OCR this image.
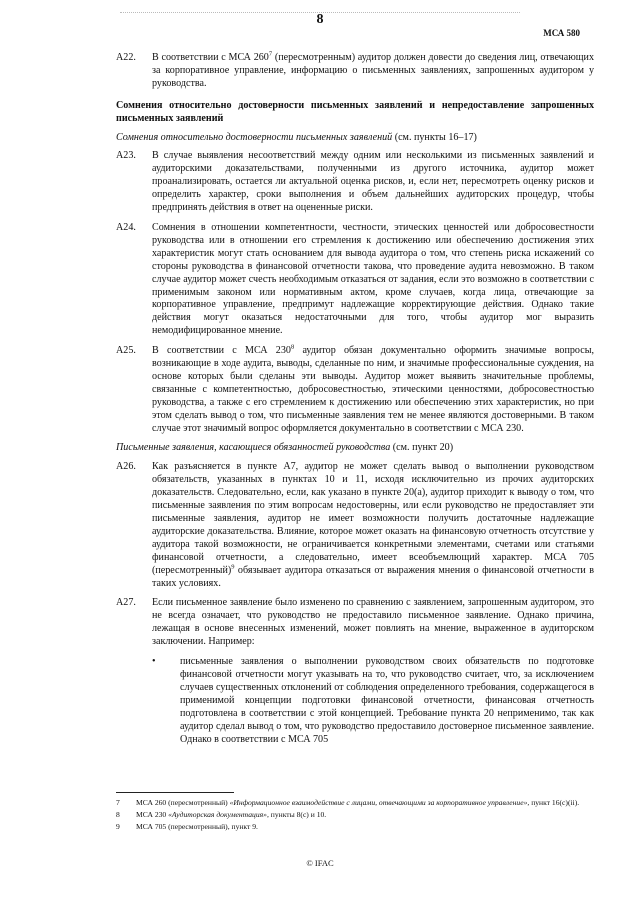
8
МСА 580
A22. В соответствии с МСА $260^7$ (пересмотренным) аудитор должен довести до сведения лиц, отвечающих за корпоративное управление, информацию о письменных заявлениях, запрошенных аудитором у руководства.
Сомнения относительно достоверности письменных заявлений и непредоставление запрошенных письменных заявлений
Сомнения относительно достоверности письменных заявлений (см. пункты 16–17)
A23. В случае выявления несоответствий между одним или несколькими из письменных заявлений и аудиторскими доказательствами, полученными из другого источника, аудитор может проанализировать, остается ли актуальной оценка рисков, и, если нет, пересмотреть оценку рисков и определить характер, сроки выполнения и объем дальнейших аудиторских процедур, чтобы предпринять действия в ответ на оцененные риски.
A24. Сомнения в отношении компетентности, честности, этических ценностей или добросовестности руководства или в отношении его стремления к достижению или обеспечению достижения этих характеристик могут стать основанием для вывода аудитора о том, что степень риска искажений со стороны руководства в финансовой отчетности такова, что проведение аудита невозможно. В таком случае аудитор может счесть необходимым отказаться от задания, если это возможно в соответствии с применимым законом или нормативным актом, кроме случаев, когда лица, отвечающие за корпоративное управление, предпримут надлежащие корректирующие действия. Однако такие действия могут оказаться недостаточными для того, чтобы аудитор мог выразить немодифицированное мнение.
A25. В соответствии с МСА $230^8$ аудитор обязан документально оформить значимые вопросы, возникающие в ходе аудита, выводы, сделанные по ним, и значимые профессиональные суждения, на основе которых были сделаны эти выводы. Аудитор может выявить значительные проблемы, связанные с компетентностью, добросовестностью, этическими ценностями, добросовестностью руководства, а также с его стремлением к достижению или обеспечению этих характеристик, но при этом сделать вывод о том, что письменные заявления тем не менее являются достоверными. В таком случае этот значимый вопрос оформляется документально в соответствии с МСА 230.
Письменные заявления, касающиеся обязанностей руководства (см. пункт 20)
A26. Как разъясняется в пункте A7, аудитор не может сделать вывод о выполнении руководством обязательств, указанных в пунктах 10 и 11, исходя исключительно из прочих аудиторских доказательств. Следовательно, если, как указано в пункте 20(a), аудитор приходит к выводу о том, что письменные заявления по этим вопросам недостоверны, или если руководство не предоставляет эти письменные заявления, аудитор не имеет возможности получить достаточные надлежащие аудиторские доказательства. Влияние, которое может оказать на финансовую отчетность отсутствие у аудитора такой возможности, не ограничивается конкретными элементами, счетами или статьями финансовой отчетности, а следовательно, имеет всеобъемлющий характер. МСА 705 (пересмотренный)$^9$ обязывает аудитора отказаться от выражения мнения о финансовой отчетности в таких условиях.
A27. Если письменное заявление было изменено по сравнению с заявлением, запрошенным аудитором, это не всегда означает, что руководство не предоставило письменное заявление. Однако причина, лежащая в основе внесенных изменений, может повлиять на мнение, выраженное в аудиторском заключении. Например:
• письменные заявления о выполнении руководством своих обязательств по подготовке финансовой отчетности могут указывать на то, что руководство считает, что, за исключением случаев существенных отклонений от соблюдения определенного требования, содержащегося в применимой концепции подготовки финансовой отчетности, финансовая отчетность подготовлена в соответствии с этой концепцией. Требование пункта 20 неприменимо, так как аудитор сделал вывод о том, что руководство предоставило достоверное письменное заявление. Однако в соответствии с МСА 705
7 МСА 260 (пересмотренный) «Информационное взаимодействие с лицами, отвечающими за корпоративное управление», пункт 16(c)(ii).
8 МСА 230 «Аудиторская документация», пункты 8(c) и 10.
9 МСА 705 (пересмотренный), пункт 9.
© IFAC
